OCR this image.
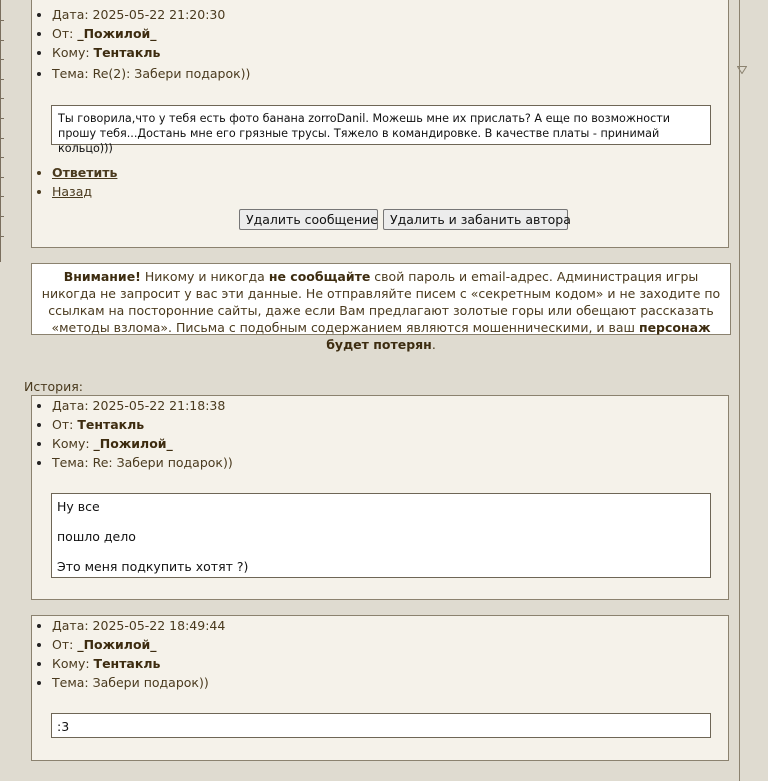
• Дата: 2025-05-22 21:20:30
• От: _Пожилой_
• Кому: Тентакль
• Тема: Re(2): Забери подарок))

Ты говорила,что у тебя есть фото банана zorroDanil. Можешь мне их прислать? А еще по возможности прошу тебя...Достань мне его грязные трусы. Тяжело в командировке. В качестве платы - принимай кольцо)))

• Ответить
• Назад
Удалить сообщение Удалить и забанить автора
Внимание! Никому и никогда не сообщайте свой пароль и email-адрес. Администрация игры никогда не запросит у вас эти данные. Не отправляйте писем с «секретным кодом» и не заходите по ссылкам на посторонние сайты, даже если Вам предлагают золотые горы или обещают рассказать «методы взлома». Письма с подобным содержанием являются мошенническими, и ваш персонаж будет потерян.
История:
• Дата: 2025-05-22 21:18:38
• От: Тентакль
• Кому: _Пожилой_
• Тема: Re: Забери подарок))

Ну все

пошло дело

Это меня подкупить хотят ?)

• Дата: 2025-05-22 18:49:44
• От: _Пожилой_
• Кому: Тентакль
• Тема: Забери подарок))

:3
